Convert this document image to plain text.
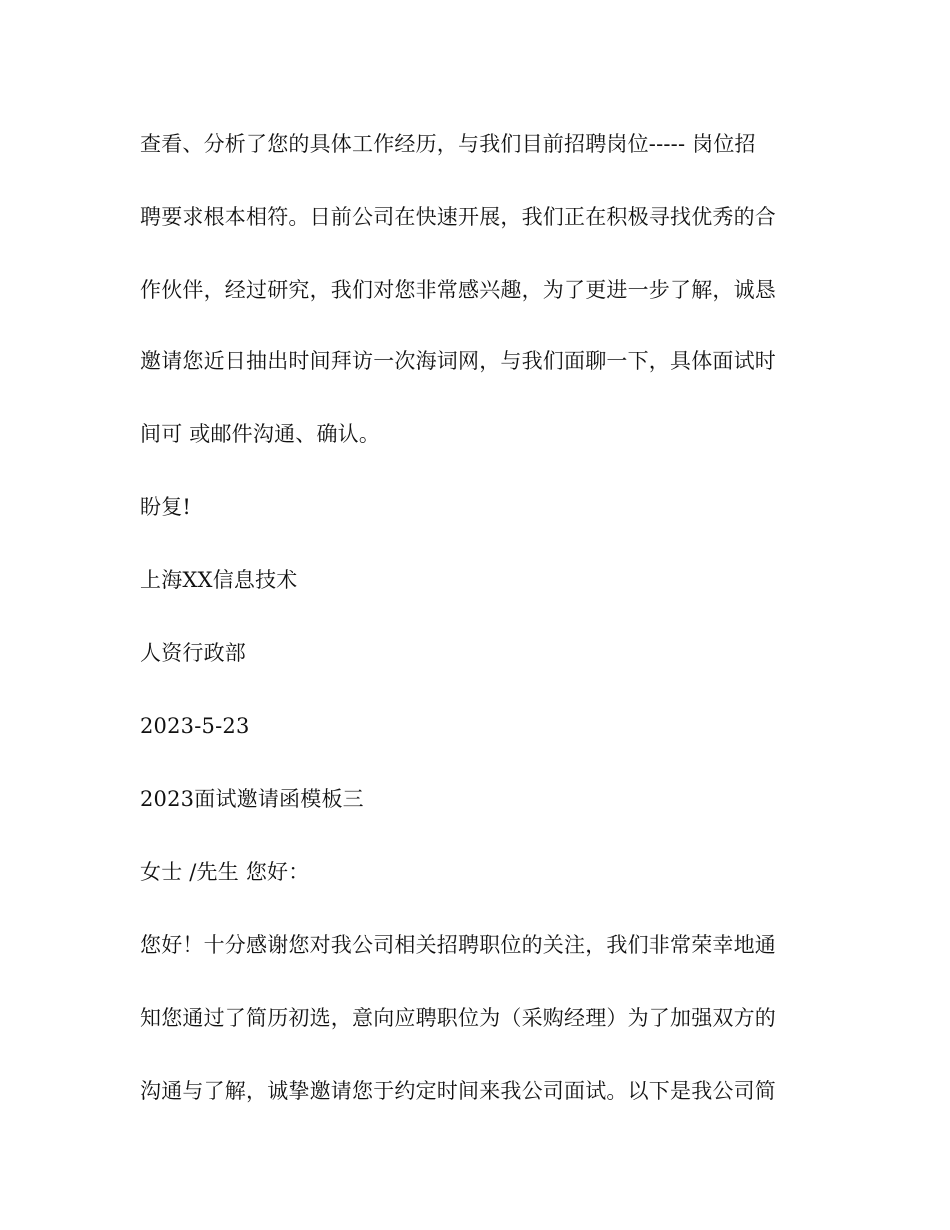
查看、分析了您的具体工作经历，与我们目前招聘岗位----- 岗位招
聘要求根本相符。日前公司在快速开展，我们正在积极寻找优秀的合
作伙伴，经过研究，我们对您非常感兴趣，为了更进一步了解，诚恳
邀请您近日抽出时间拜访一次海词网，与我们面聊一下，具体面试时
间可 或邮件沟通、确认。
盼复!
上海XX信息技术
人资行政部
2023-5-23
2023面试邀请函模板三
女士 /先生 您好：
您好！十分感谢您对我公司相关招聘职位的关注，我们非常荣幸地通
知您通过了简历初选，意向应聘职位为（采购经理）为了加强双方的
沟通与了解，诚挚邀请您于约定时间来我公司面试。以下是我公司简
